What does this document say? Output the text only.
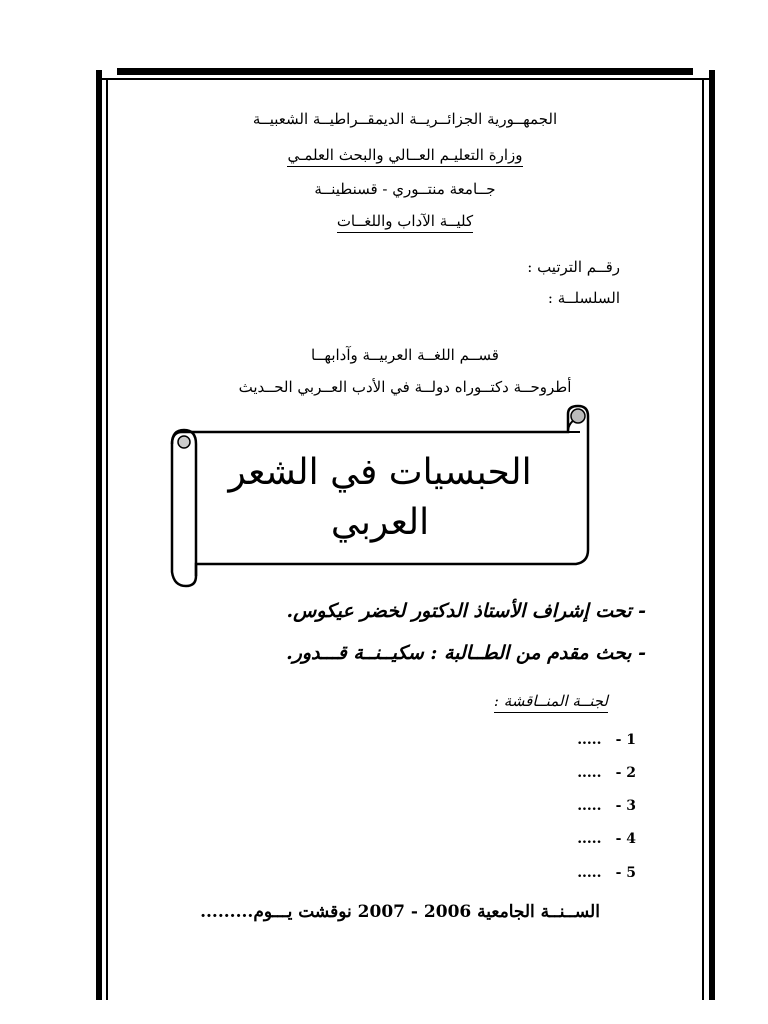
الجمهــورية الجزائــريــة الديمقــراطيــة الشعبيــة
وزارة التعليـم العــالي والبحث العلمـي
جــامعة منتــوري - قسنطينــة
كليــة الآداب واللغــات
رقــم الترتيب :
السلسلــة :
قســم اللغــة العربيــة وآدابهــا
أطروحــة دكتــوراه دولــة في الأدب العــربي الحــديث
الحبسيات في الشعر
العربي
- تحت إشراف الأستاذ الدكتور لخضر عيكوس.
- بحث مقدم من الطــالبة : سكيــنــة قـــدور.
لجنــة المنــاقشة :
1 -.....
2 -.....
3 -.....
4 -.....
5 -.....
الســنــة الجامعية 2006 - 2007 نوقشت يـــوم.........
